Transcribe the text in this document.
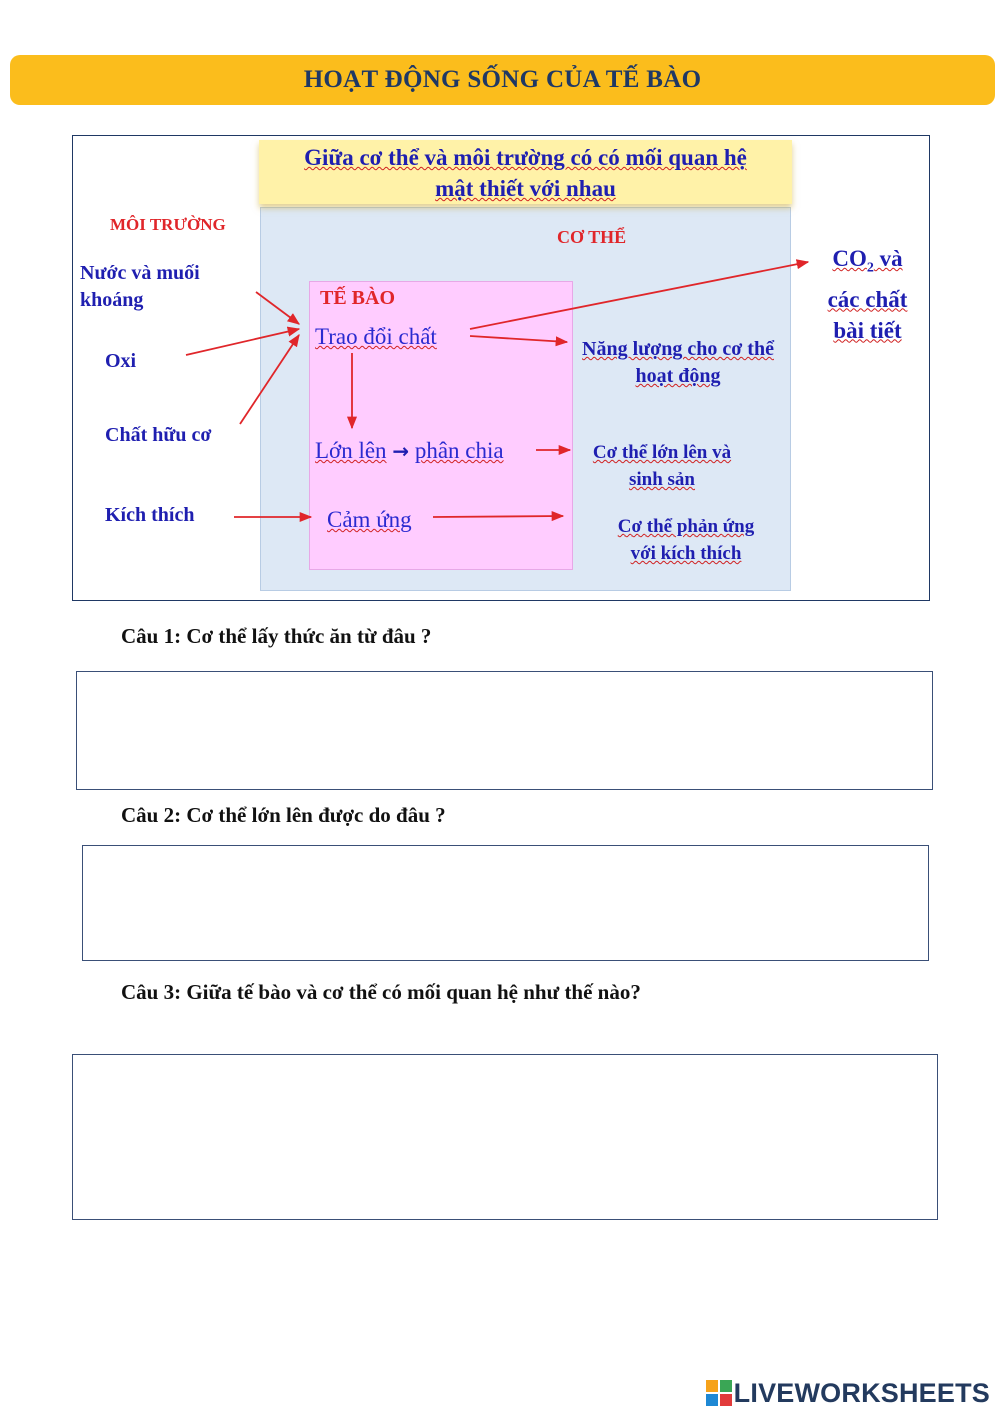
HOẠT ĐỘNG SỐNG CỦA TẾ BÀO
Giữa cơ thể và môi trường có có mối quan hệ
mật thiết với nhau
MÔI TRƯỜNG
CƠ THỂ
TẾ BÀO
Nước và muối
khoáng
Oxi
Chất hữu cơ
Kích thích
Trao đổi chất
Lớn lên → phân chia
Cảm ứng
$CO_2$ và
các chất
bài tiết
Năng lượng cho cơ thể
hoạt động
Cơ thể lớn lên và
sinh sản
Cơ thể phản ứng
với kích thích
Câu 1: Cơ thể lấy thức ăn từ đâu ?
Câu 2: Cơ thể lớn lên được do đâu ?
Câu 3: Giữa tế bào và cơ thể có mối quan hệ như thế nào?
LIVEWORKSHEETS
